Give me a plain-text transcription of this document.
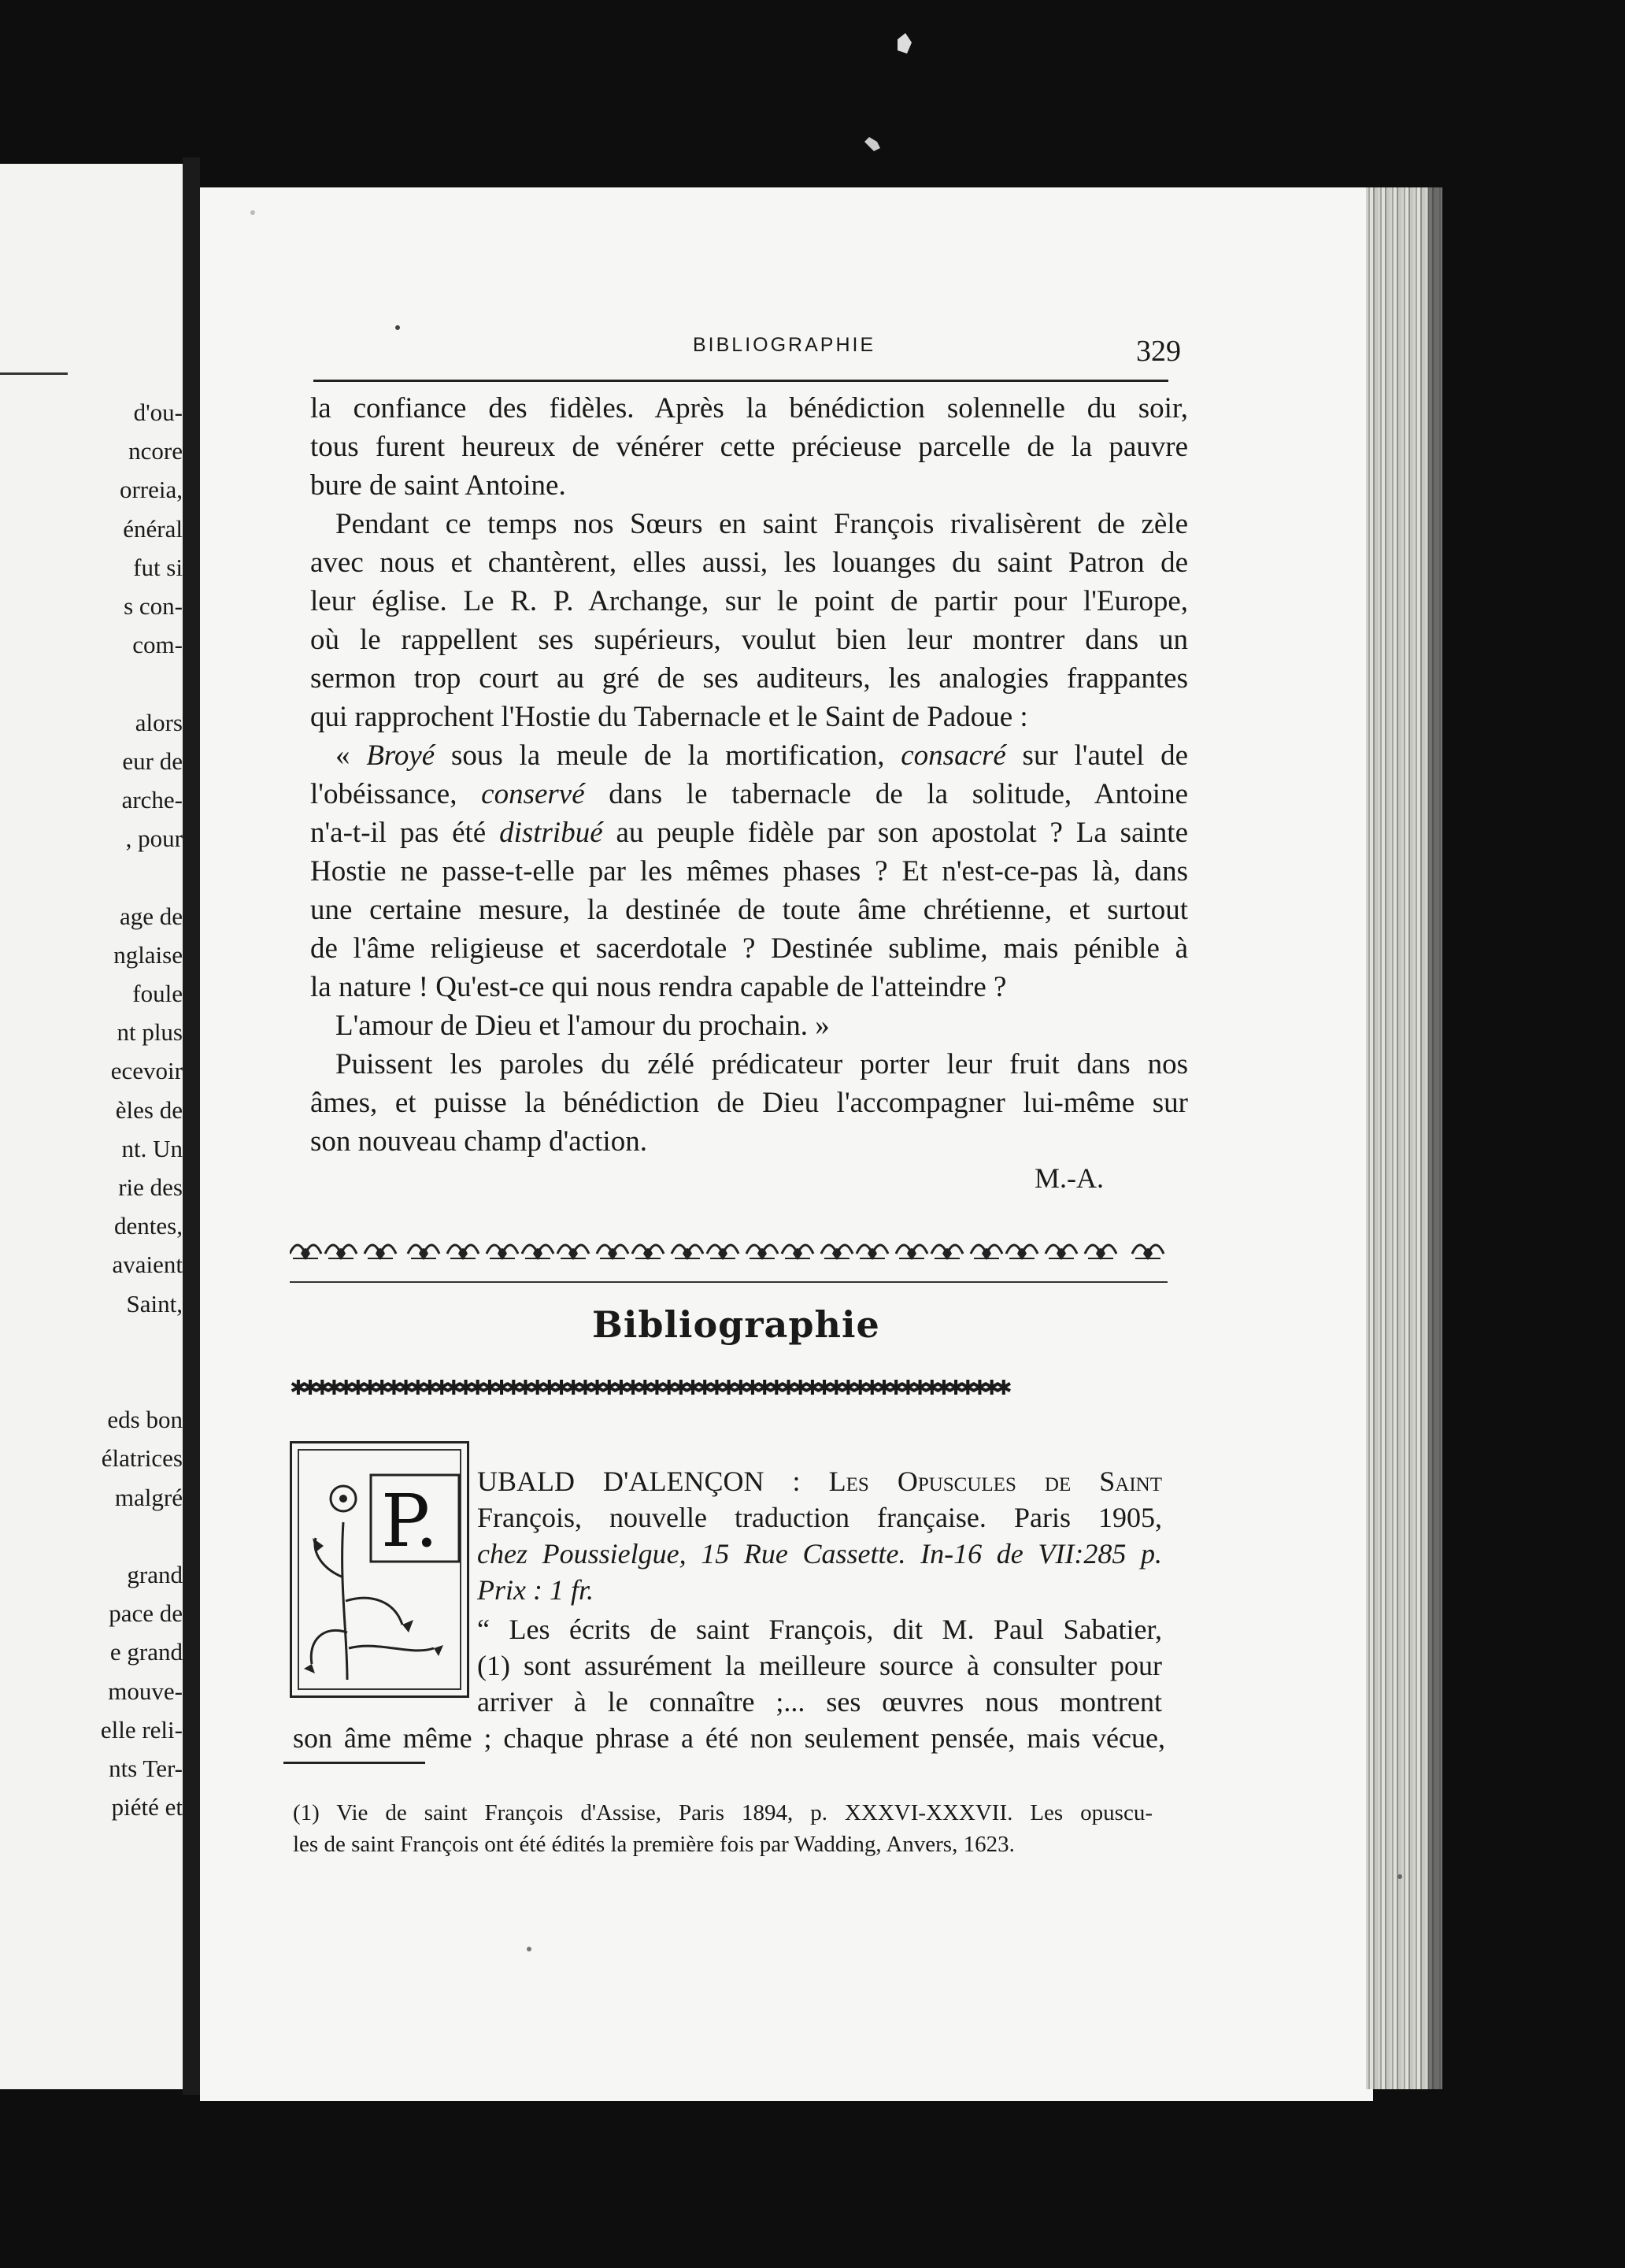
d'ou-
ncore
orreia,
énéral
fut si
s con-
com-
alors
eur de
arche-
, pour
age de
nglaise
foule
nt plus
ecevoir
èles de
nt. Un
rie des
dentes,
avaient
Saint,
eds bon
élatrices
malgré
grand
pace de
e grand
mouve-
elle reli-
nts Ter-
piété et
BIBLIOGRAPHIE	329
la confiance des fidèles. Après la bénédiction solennelle du soir,
tous furent heureux de vénérer cette précieuse parcelle de la pauvre
bure de saint Antoine.
Pendant ce temps nos Sœurs en saint François rivalisèrent de zèle
avec nous et chantèrent, elles aussi, les louanges du saint Patron de
leur église. Le R. P. Archange, sur le point de partir pour l'Europe,
où le rappellent ses supérieurs, voulut bien leur montrer dans un
sermon trop court au gré de ses auditeurs, les analogies frappantes
qui rapprochent l'Hostie du Tabernacle et le Saint de Padoue :
« Broyé sous la meule de la mortification, consacré sur l'autel de
l'obéissance, conservé dans le tabernacle de la solitude, Antoine
n'a-t-il pas été distribué au peuple fidèle par son apostolat ? La sainte
Hostie ne passe-t-elle par les mêmes phases ? Et n'est-ce-pas là, dans
une certaine mesure, la destinée de toute âme chrétienne, et surtout
de l'âme religieuse et sacerdotale ? Destinée sublime, mais pénible à
la nature ! Qu'est-ce qui nous rendra capable de l'atteindre ?
L'amour de Dieu et l'amour du prochain. »
Puissent les paroles du zélé prédicateur porter leur fruit dans nos
âmes, et puisse la bénédiction de Dieu l'accompagner lui-même sur
son nouveau champ d'action.
M.-A.
Bibliographie
✱✱✱✱✱✱✱✱✱✱✱✱✱✱✱✱✱✱✱✱✱✱✱✱✱✱✱✱✱✱✱✱✱✱✱✱✱✱✱✱✱✱✱✱✱✱✱✱✱✱✱✱✱✱✱✱✱✱✱✱
P. UBALD D'ALENÇON : Les Opuscules de Saint
François, nouvelle traduction française. Paris 1905,
chez Poussielgue, 15 Rue Cassette. In-16 de VII:285 p.
Prix : 1 fr.
“ Les écrits de saint François, dit M. Paul Sabatier,
(1) sont assurément la meilleure source à consulter pour
arriver à le connaître ;... ses œuvres nous montrent
son âme même ; chaque phrase a été non seulement pensée, mais vécue,
(1) Vie de saint François d'Assise, Paris 1894, p. XXXVI-XXXVII. Les opuscu-
les de saint François ont été édités la première fois par Wadding, Anvers, 1623.
